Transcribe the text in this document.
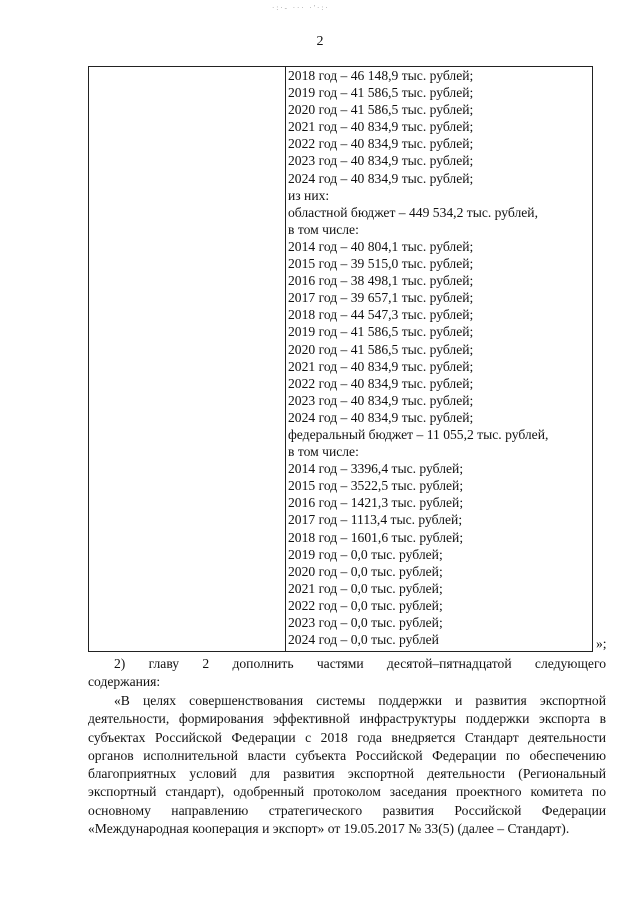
·:·- ··· ·'·:·
2
2018 год – 46 148,9 тыс. рублей;
2019 год – 41 586,5 тыс. рублей;
2020 год – 41 586,5 тыс. рублей;
2021 год – 40 834,9 тыс. рублей;
2022 год – 40 834,9 тыс. рублей;
2023 год – 40 834,9 тыс. рублей;
2024 год – 40 834,9 тыс. рублей;
из них:
областной бюджет – 449 534,2 тыс. рублей,
в том числе:
2014 год – 40 804,1 тыс. рублей;
2015 год – 39 515,0 тыс. рублей;
2016 год – 38 498,1 тыс. рублей;
2017 год – 39 657,1 тыс. рублей;
2018 год – 44 547,3 тыс. рублей;
2019 год – 41 586,5 тыс. рублей;
2020 год – 41 586,5 тыс. рублей;
2021 год – 40 834,9 тыс. рублей;
2022 год – 40 834,9 тыс. рублей;
2023 год – 40 834,9 тыс. рублей;
2024 год – 40 834,9 тыс. рублей;
федеральный бюджет – 11 055,2 тыс. рублей,
в том числе:
2014 год – 3396,4 тыс. рублей;
2015 год – 3522,5 тыс. рублей;
2016 год – 1421,3 тыс. рублей;
2017 год – 1113,4 тыс. рублей;
2018 год – 1601,6 тыс. рублей;
2019 год – 0,0 тыс. рублей;
2020 год – 0,0 тыс. рублей;
2021 год – 0,0 тыс. рублей;
2022 год – 0,0 тыс. рублей;
2023 год – 0,0 тыс. рублей;
2024 год – 0,0 тыс. рублей	»;
2) главу 2 дополнить частями десятой–пятнадцатой следующего
содержания:
«В целях совершенствования системы поддержки и развития экспортной деятельности, формирования эффективной инфраструктуры поддержки экспорта в субъектах Российской Федерации с 2018 года внедряется Стандарт деятельности органов исполнительной власти субъекта Российской Федерации по обеспечению благоприятных условий для развития экспортной деятельности (Региональный экспортный стандарт), одобренный протоколом заседания проектного комитета по основному направлению стратегического развития Российской Федерации «Международная кооперация и экспорт» от 19.05.2017 № 33(5) (далее – Стандарт).
